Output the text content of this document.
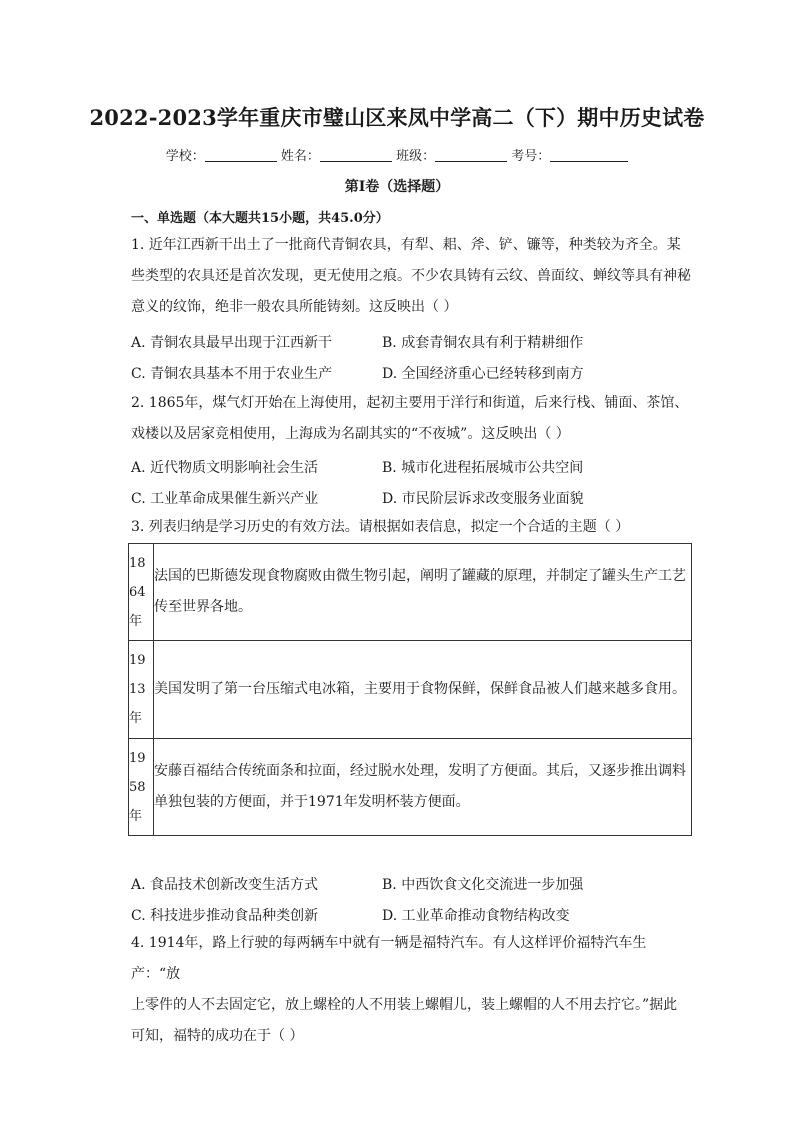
2022-2023学年重庆市璧山区来凤中学高二（下）期中历史试卷
学校：	姓名：	班级：	考号：
第Ⅰ卷（选择题）
一、单选题（本大题共15小题，共45.0分）
1. 近年江西新干出土了一批商代青铜农具，有犁、耜、斧、铲、镰等，种类较为齐全。某
些类型的农具还是首次发现，更无使用之痕。不少农具铸有云纹、兽面纹、蝉纹等具有神秘
意义的纹饰，绝非一般农具所能铸刻。这反映出（ ）
A. 青铜农具最早出现于江西新干	B. 成套青铜农具有利于精耕细作
C. 青铜农具基本不用于农业生产	D. 全国经济重心已经转移到南方
2. 1865年，煤气灯开始在上海使用，起初主要用于洋行和街道，后来行栈、铺面、茶馆、
戏楼以及居家竞相使用，上海成为名副其实的“不夜城”。这反映出（ ）
A. 近代物质文明影响社会生活	B. 城市化进程拓展城市公共空间
C. 工业革命成果催生新兴产业	D. 市民阶层诉求改变服务业面貌
3. 列表归纳是学习历史的有效方法。请根据如表信息，拟定一个合适的主题（ ）
1864年	法国的巴斯德发现食物腐败由微生物引起，阐明了罐藏的原理，并制定了罐头生产工艺传至世界各地。
1913年	美国发明了第一台压缩式电冰箱，主要用于食物保鲜，保鲜食品被人们越来越多食用。
1958年	安藤百福结合传统面条和拉面，经过脱水处理，发明了方便面。其后，又逐步推出调料单独包装的方便面，并于1971年发明杯装方便面。
A. 食品技术创新改变生活方式	B. 中西饮食文化交流进一步加强
C. 科技进步推动食品种类创新	D. 工业革命推动食物结构改变
4. 1914年，路上行驶的每两辆车中就有一辆是福特汽车。有人这样评价福特汽车生产：“放
上零件的人不去固定它，放上螺栓的人不用装上螺帽儿，装上螺帽的人不用去拧它。”据此
可知，福特的成功在于（ ）
